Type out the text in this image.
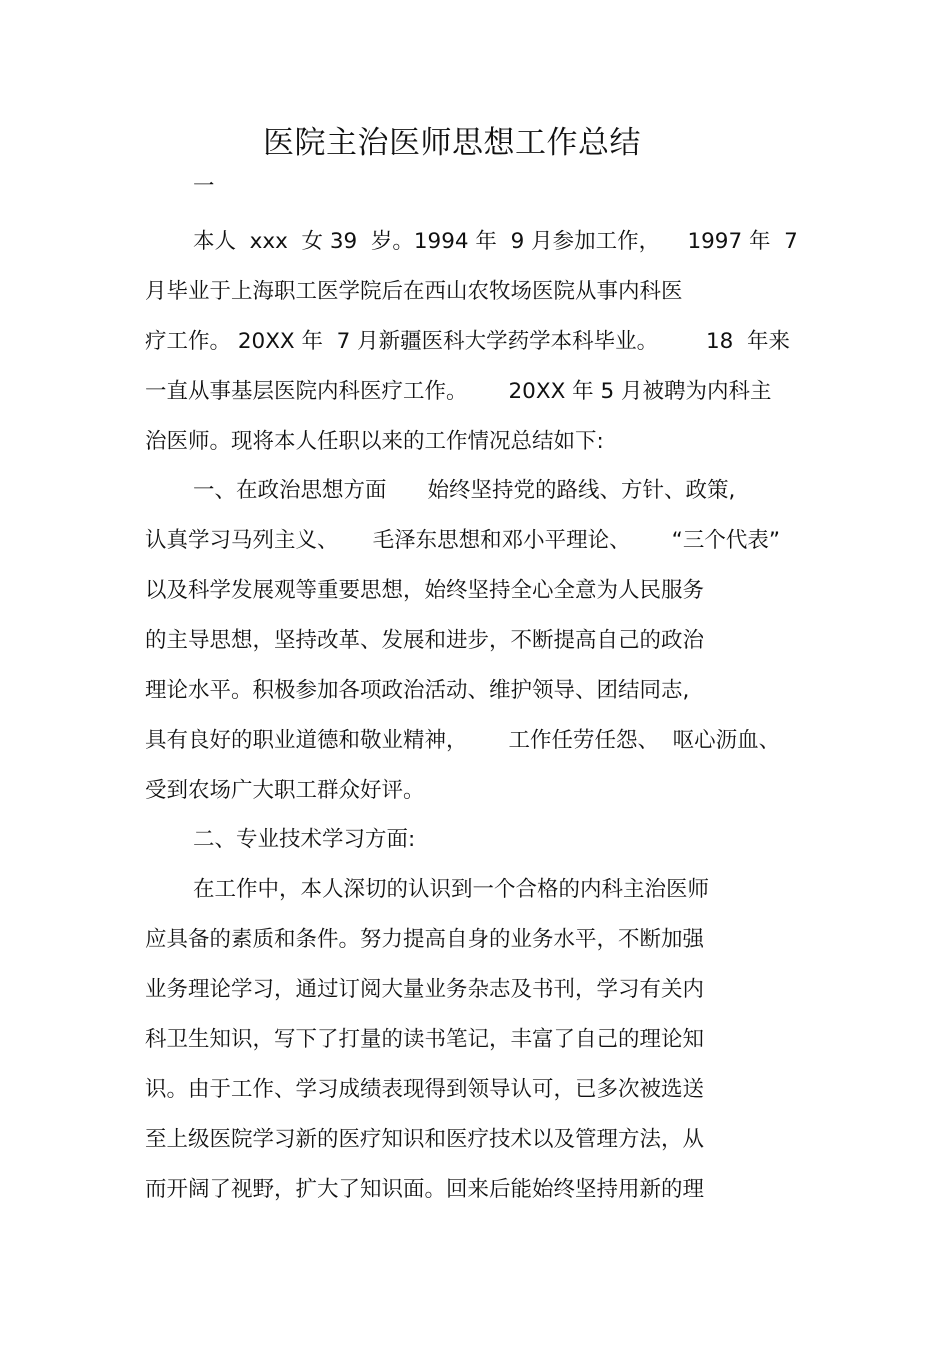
医院主治医师思想工作总结
一
本人  xxx  女 39  岁。1994 年  9 月参加工作，    1997 年  7
月毕业于上海职工医学院后在西山农牧场医院从事内科医
疗工作。 20XX 年  7 月新疆医科大学药学本科毕业。       18  年来
一直从事基层医院内科医疗工作。      20XX 年 5 月被聘为内科主
治医师。现将本人任职以来的工作情况总结如下:
一、在政治思想方面      始终坚持党的路线、方针、政策,
认真学习马列主义、     毛泽东思想和邓小平理论、      “三个代表”
以及科学发展观等重要思想，始终坚持全心全意为人民服务
的主导思想，坚持改革、发展和进步，不断提高自己的政治
理论水平。积极参加各项政治活动、维护领导、团结同志,
具有良好的职业道德和敬业精神，      工作任劳任怨、  呕心沥血、
受到农场广大职工群众好评。
二、专业技术学习方面:
在工作中，本人深切的认识到一个合格的内科主治医师
应具备的素质和条件。努力提高自身的业务水平，不断加强
业务理论学习，通过订阅大量业务杂志及书刊，学习有关内
科卫生知识，写下了打量的读书笔记，丰富了自己的理论知
识。由于工作、学习成绩表现得到领导认可，已多次被选送
至上级医院学习新的医疗知识和医疗技术以及管理方法，从
而开阔了视野，扩大了知识面。回来后能始终坚持用新的理
